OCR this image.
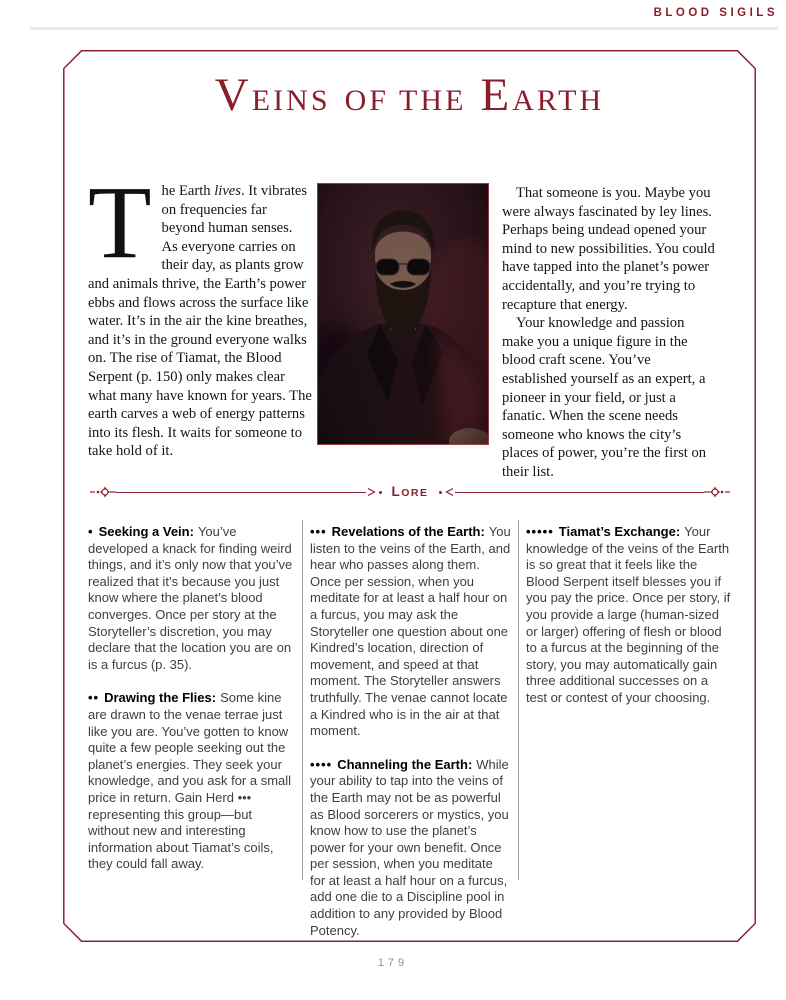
BLOOD SIGILS
VEINS OF THE EARTH
T he Earth lives. It vibrates on frequencies far beyond human senses.

As everyone carries on their day, as plants grow and animals thrive, the Earth’s power ebbs and flows across the surface like water. It’s in the air the kine breathes, and it’s in the ground everyone walks on. The rise of Tiamat, the Blood Serpent (p. 150) only makes clear what many have known for years. The earth carves a web of energy patterns into its flesh. It waits for someone to take hold of it.

That someone is you. Maybe you were always fascinated by ley lines. Perhaps being undead opened your mind to new possibilities. You could have tapped into the planet’s power accidentally, and you’re trying to recapture that energy.

Your knowledge and passion make you a unique figure in the blood craft scene. You’ve established yourself as an expert, a pioneer in your field, or just a fanatic. When the scene needs someone who knows the city’s places of power, you’re the first on their list.

LORE

• Seeking a Vein: You’ve developed a knack for finding weird things, and it’s only now that you’ve realized that it’s because you just know where the planet’s blood converges. Once per story at the Storyteller’s discretion, you may declare that the location you are on is a furcus (p. 35).

•• Drawing the Flies: Some kine are drawn to the venae terrae just like you are. You’ve gotten to know quite a few people seeking out the planet’s energies. They seek your knowledge, and you ask for a small price in return. Gain Herd ••• representing this group—but without new and interesting information about Tiamat’s coils, they could fall away.

••• Revelations of the Earth: You listen to the veins of the Earth, and hear who passes along them. Once per session, when you meditate for at least a half hour on a furcus, you may ask the Storyteller one question about one Kindred’s location, direction of movement, and speed at that moment. The Storyteller answers truthfully. The venae cannot locate a Kindred who is in the air at that moment.

•••• Channeling the Earth: While your ability to tap into the veins of the Earth may not be as powerful as Blood sorcerers or mystics, you know how to use the planet’s power for your own benefit. Once per session, when you meditate for at least a half hour on a furcus, add one die to a Discipline pool in addition to any provided by Blood Potency.

••••• Tiamat’s Exchange: Your knowledge of the veins of the Earth is so great that it feels like the Blood Serpent itself blesses you if you pay the price. Once per story, if you provide a large (human-sized or larger) offering of flesh or blood to a furcus at the beginning of the story, you may automatically gain three additional successes on a test or contest of your choosing.

179
